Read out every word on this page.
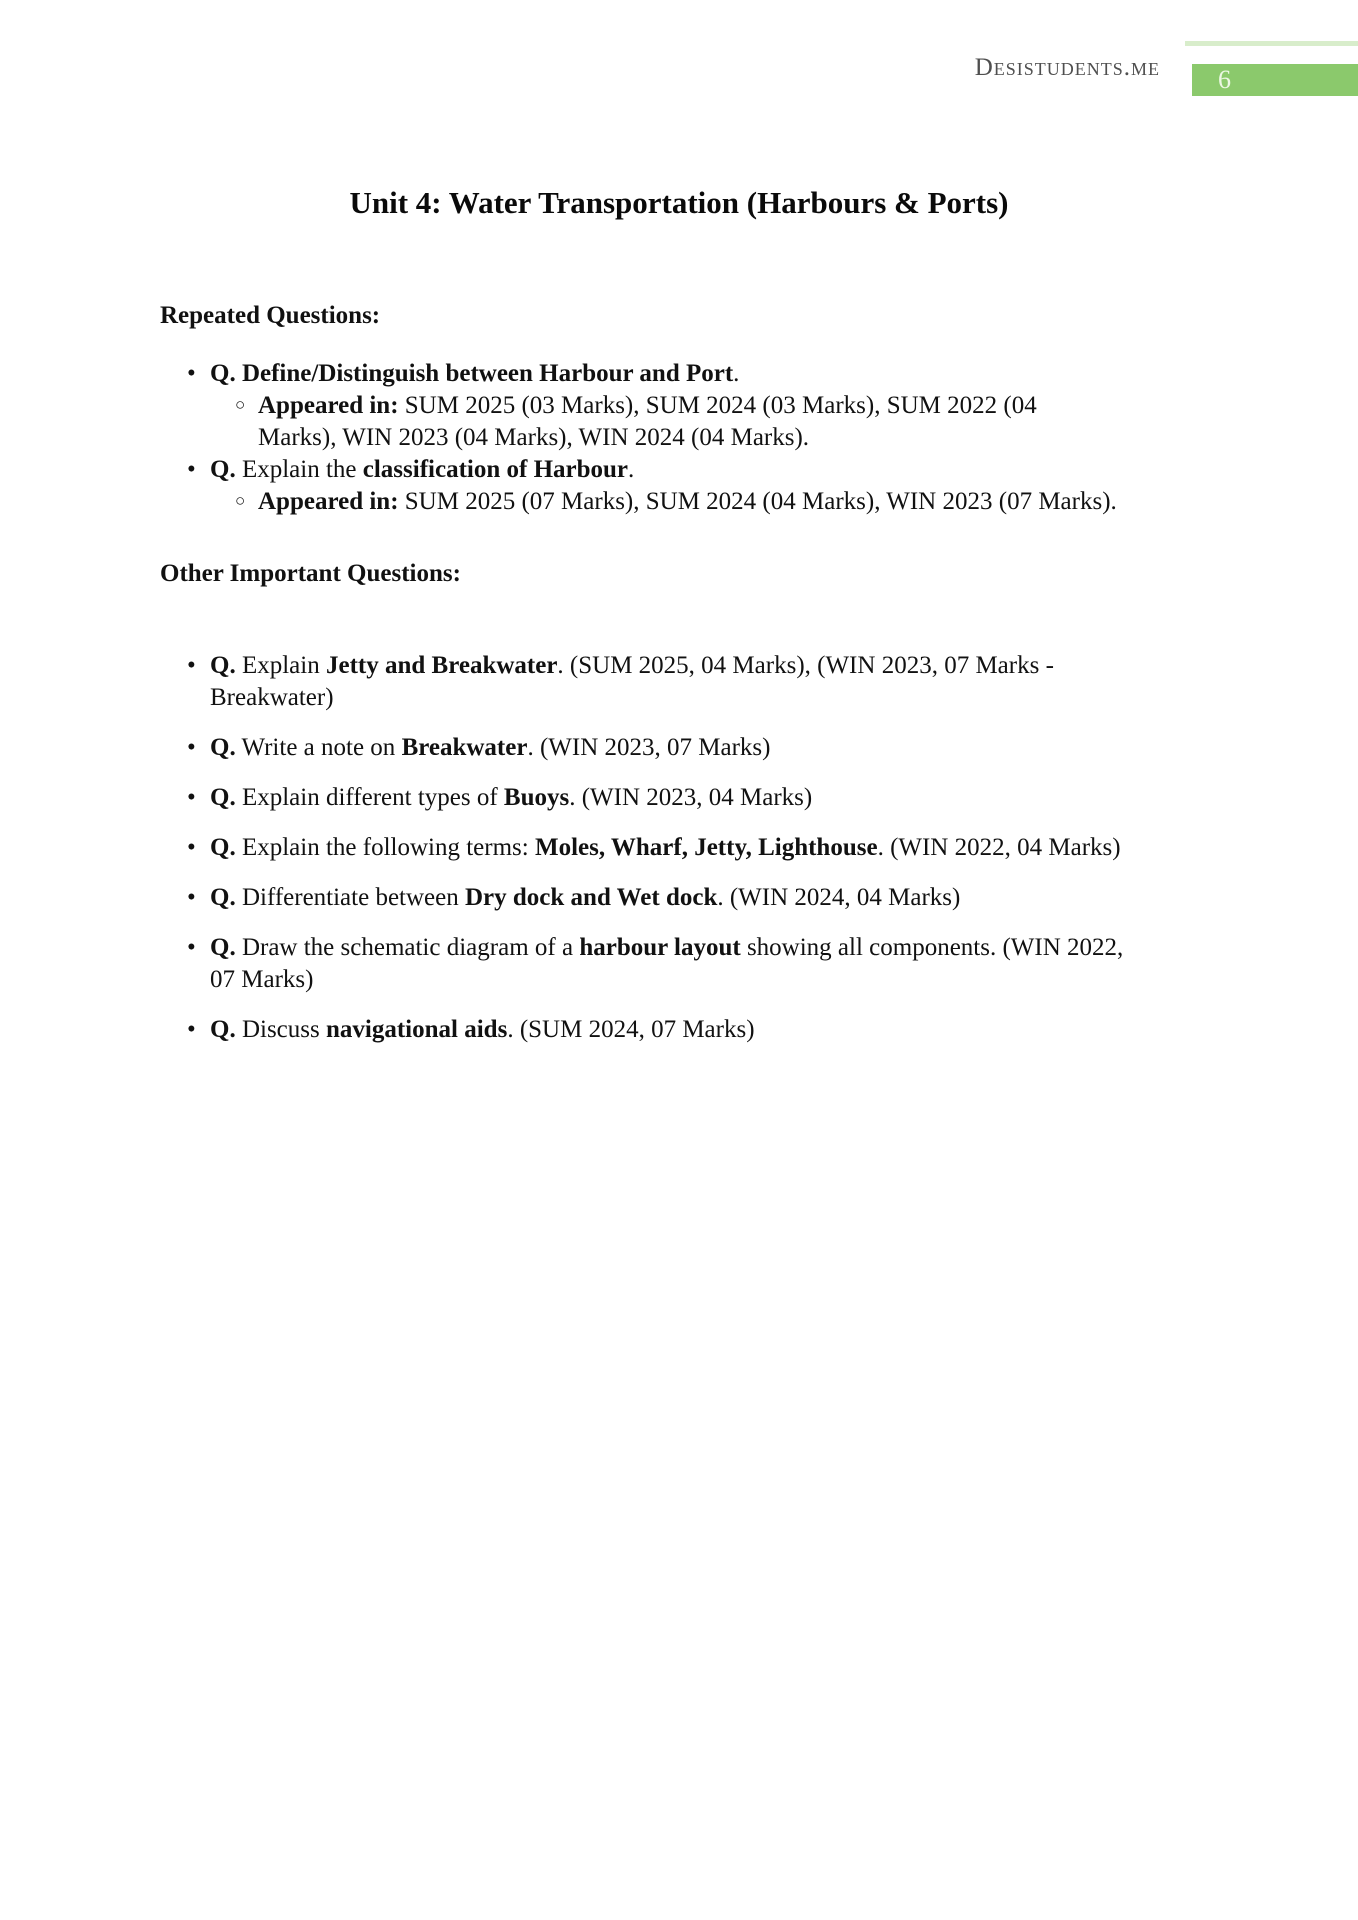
Desistudents.me	6
Unit 4: Water Transportation (Harbours & Ports)
Repeated Questions:
• Q. Define/Distinguish between Harbour and Port.
○ Appeared in: SUM 2025 (03 Marks), SUM 2024 (03 Marks), SUM 2022 (04
Marks), WIN 2023 (04 Marks), WIN 2024 (04 Marks).
• Q. Explain the classification of Harbour.
○ Appeared in: SUM 2025 (07 Marks), SUM 2024 (04 Marks), WIN 2023 (07 Marks).
Other Important Questions:
• Q. Explain Jetty and Breakwater. (SUM 2025, 04 Marks), (WIN 2023, 07 Marks -
Breakwater)
• Q. Write a note on Breakwater. (WIN 2023, 07 Marks)
• Q. Explain different types of Buoys. (WIN 2023, 04 Marks)
• Q. Explain the following terms: Moles, Wharf, Jetty, Lighthouse. (WIN 2022, 04 Marks)
• Q. Differentiate between Dry dock and Wet dock. (WIN 2024, 04 Marks)
• Q. Draw the schematic diagram of a harbour layout showing all components. (WIN 2022,
07 Marks)
• Q. Discuss navigational aids. (SUM 2024, 07 Marks)
